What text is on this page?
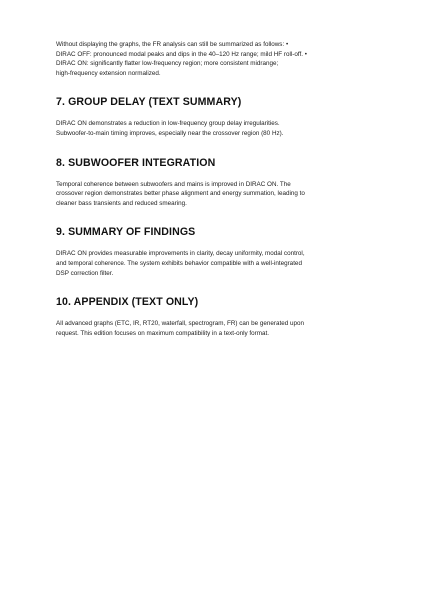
Without displaying the graphs, the FR analysis can still be summarized as follows: •
DIRAC OFF: pronounced modal peaks and dips in the 40–120 Hz range; mild HF roll-off. •
DIRAC ON: significantly flatter low-frequency region; more consistent midrange;
high-frequency extension normalized.

7. GROUP DELAY (TEXT SUMMARY)

DIRAC ON demonstrates a reduction in low-frequency group delay irregularities.
Subwoofer-to-main timing improves, especially near the crossover region (80 Hz).

8. SUBWOOFER INTEGRATION

Temporal coherence between subwoofers and mains is improved in DIRAC ON. The
crossover region demonstrates better phase alignment and energy summation, leading to
cleaner bass transients and reduced smearing.

9. SUMMARY OF FINDINGS

DIRAC ON provides measurable improvements in clarity, decay uniformity, modal control,
and temporal coherence. The system exhibits behavior compatible with a well-integrated
DSP correction filter.

10. APPENDIX (TEXT ONLY)

All advanced graphs (ETC, IR, RT20, waterfall, spectrogram, FR) can be generated upon
request. This edition focuses on maximum compatibility in a text-only format.
